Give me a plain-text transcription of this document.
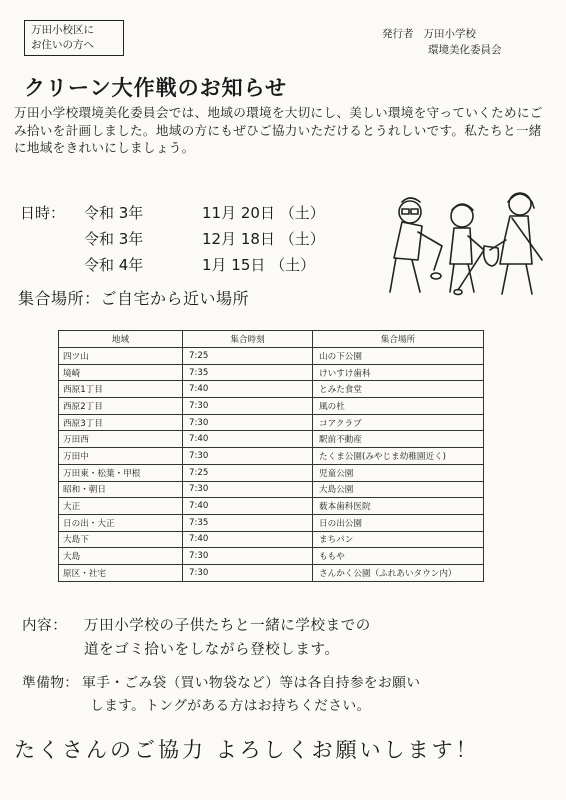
万田小校区に
お住いの方へ
発行者 万田小学校
環境美化委員会
クリーン大作戦のお知らせ
万田小学校環境美化委員会では、地域の環境を大切にし、美しい環境を守っていくためにごみ拾いを計画しました。地域の方にもぜひご協力いただけるとうれしいです。私たちと一緒に地域をきれいにしましょう。
日時： 令和 3年	11月 20日 （土）
令和 3年	12月 18日 （土）
令和 4年	1月 15日 （土）
集合場所：ご自宅から近い場所
地域	集合時刻	集合場所
四ツ山	7:25	山の下公園
境崎	7:35	けいすけ歯科
西原1丁目	7:40	とみた食堂
西原2丁目	7:30	風の杜
西原3丁目	7:30	コアクラブ
万田西	7:40	駅前不動産
万田中	7:30	たくま公園(みやじま幼稚園近く)
万田東・松葉・甲根	7:25	児童公園
昭和・朝日	7:30	大島公園
大正	7:40	薮本歯科医院
日の出・大正	7:35	日の出公園
大島下	7:40	まちパン
大島	7:30	ももや
原区・社宅	7:30	さんかく公園（ふれあいタウン内）
内容： 万田小学校の子供たちと一緒に学校までの
道をゴミ拾いをしながら登校します。
準備物： 軍手・ごみ袋（買い物袋など）等は各自持参をお願い
します。トングがある方はお持ちください。
たくさんのご協力 よろしくお願いします！
